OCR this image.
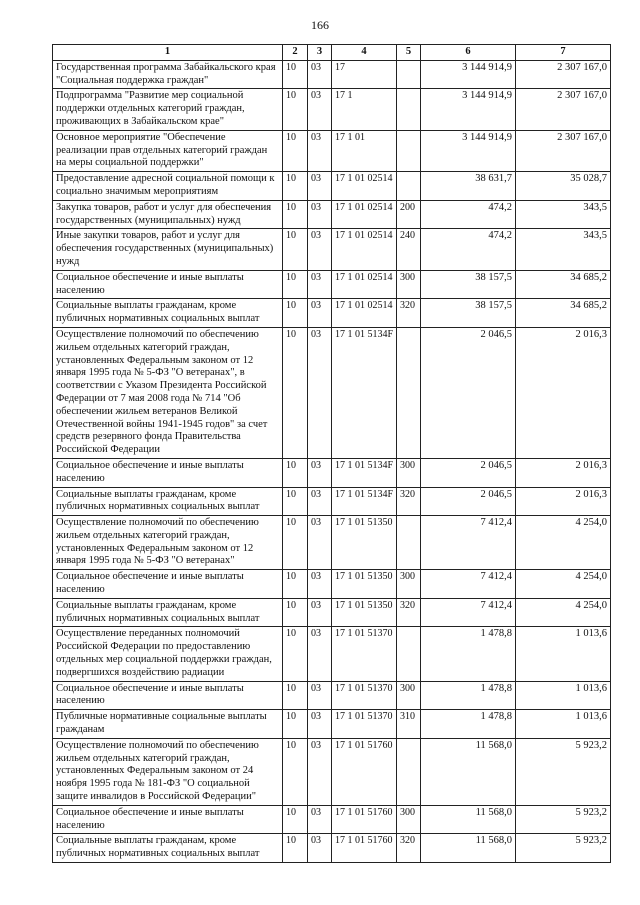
166
1	2	3	4	5	6	7
Государственная программа Забайкальского края "Социальная поддержка граждан"	10	03	17		3 144 914,9	2 307 167,0
Подпрограмма "Развитие мер социальной поддержки отдельных категорий граждан, проживающих в Забайкальском крае"	10	03	17 1		3 144 914,9	2 307 167,0
Основное мероприятие "Обеспечение реализации прав отдельных категорий граждан на меры социальной поддержки"	10	03	17 1 01		3 144 914,9	2 307 167,0
Предоставление адресной социальной помощи к социально значимым мероприятиям	10	03	17 1 01 02514		38 631,7	35 028,7
Закупка товаров, работ и услуг для обеспечения государственных (муниципальных) нужд	10	03	17 1 01 02514	200	474,2	343,5
Иные закупки товаров, работ и услуг для обеспечения государственных (муниципальных) нужд	10	03	17 1 01 02514	240	474,2	343,5
Социальное обеспечение и иные выплаты населению	10	03	17 1 01 02514	300	38 157,5	34 685,2
Социальные выплаты гражданам, кроме публичных нормативных социальных выплат	10	03	17 1 01 02514	320	38 157,5	34 685,2
Осуществление полномочий по обеспечению жильем отдельных категорий граждан, установленных Федеральным законом от 12 января 1995 года № 5-ФЗ "О ветеранах", в соответствии с Указом Президента Российской Федерации от 7 мая 2008 года № 714 "Об обеспечении жильем ветеранов Великой Отечественной войны 1941-1945 годов" за счет средств резервного фонда Правительства Российской Федерации	10	03	17 1 01 5134F		2 046,5	2 016,3
Социальное обеспечение и иные выплаты населению	10	03	17 1 01 5134F	300	2 046,5	2 016,3
Социальные выплаты гражданам, кроме публичных нормативных социальных выплат	10	03	17 1 01 5134F	320	2 046,5	2 016,3
Осуществление полномочий по обеспечению жильем отдельных категорий граждан, установленных Федеральным законом от 12 января 1995 года № 5-ФЗ "О ветеранах"	10	03	17 1 01 51350		7 412,4	4 254,0
Социальное обеспечение и иные выплаты населению	10	03	17 1 01 51350	300	7 412,4	4 254,0
Социальные выплаты гражданам, кроме публичных нормативных социальных выплат	10	03	17 1 01 51350	320	7 412,4	4 254,0
Осуществление переданных полномочий Российской Федерации по предоставлению отдельных мер социальной поддержки граждан, подвергшихся воздействию радиации	10	03	17 1 01 51370		1 478,8	1 013,6
Социальное обеспечение и иные выплаты населению	10	03	17 1 01 51370	300	1 478,8	1 013,6
Публичные нормативные социальные выплаты гражданам	10	03	17 1 01 51370	310	1 478,8	1 013,6
Осуществление полномочий по обеспечению жильем отдельных категорий граждан, установленных Федеральным законом от 24 ноября 1995 года № 181-ФЗ "О социальной защите инвалидов в Российской Федерации"	10	03	17 1 01 51760		11 568,0	5 923,2
Социальное обеспечение и иные выплаты населению	10	03	17 1 01 51760	300	11 568,0	5 923,2
Социальные выплаты гражданам, кроме публичных нормативных социальных выплат	10	03	17 1 01 51760	320	11 568,0	5 923,2
